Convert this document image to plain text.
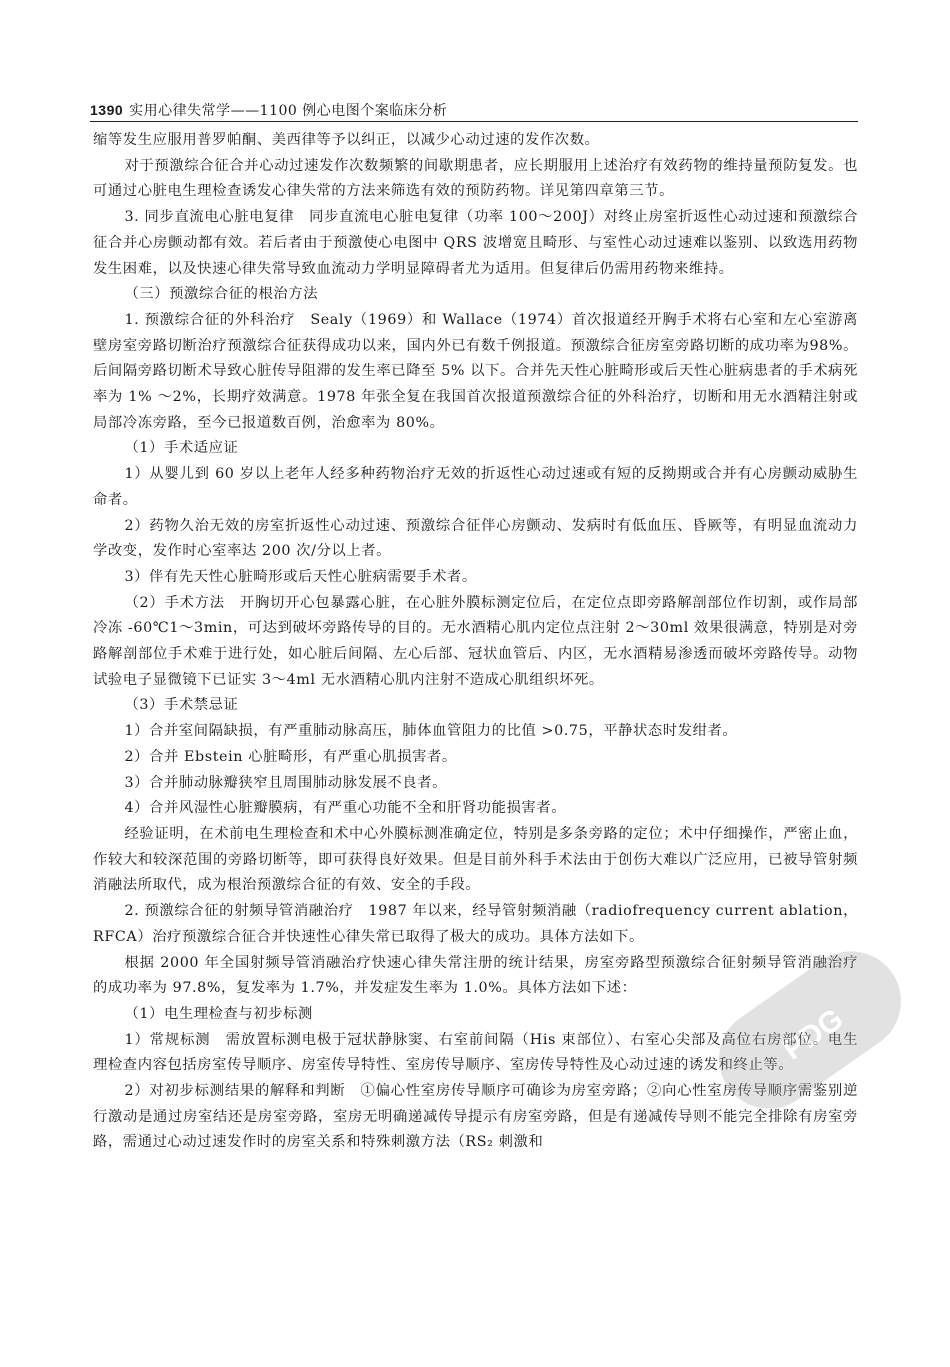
1390 实用心律失常学——1100 例心电图个案临床分析

缩等发生应服用普罗帕酮、美西律等予以纠正，以减少心动过速的发作次数。

对于预激综合征合并心动过速发作次数频繁的间歇期患者，应长期服用上述治疗有效药物的维持量预防复发。也可通过心脏电生理检查诱发心律失常的方法来筛选有效的预防药物。详见第四章第三节。

3. 同步直流电心脏电复律　同步直流电心脏电复律（功率 100～200J）对终止房室折返性心动过速和预激综合征合并心房颤动都有效。若后者由于预激使心电图中 QRS 波增宽且畸形、与室性心动过速难以鉴别、以致选用药物发生困难，以及快速心律失常导致血流动力学明显障碍者尤为适用。但复律后仍需用药物来维持。

（三）预激综合征的根治方法

1. 预激综合征的外科治疗　Sealy（1969）和 Wallace（1974）首次报道经开胸手术将右心室和左心室游离壁房室旁路切断治疗预激综合征获得成功以来，国内外已有数千例报道。预激综合征房室旁路切断的成功率为98%。后间隔旁路切断术导致心脏传导阻滞的发生率已降至 5% 以下。合并先天性心脏畸形或后天性心脏病患者的手术病死率为 1% ～2%，长期疗效满意。1978 年张全复在我国首次报道预激综合征的外科治疗，切断和用无水酒精注射或局部冷冻旁路，至今已报道数百例，治愈率为 80%。

（1）手术适应证

1）从婴儿到 60 岁以上老年人经多种药物治疗无效的折返性心动过速或有短的反拗期或合并有心房颤动威胁生命者。

2）药物久治无效的房室折返性心动过速、预激综合征伴心房颤动、发病时有低血压、昏厥等，有明显血流动力学改变，发作时心室率达 200 次/分以上者。

3）伴有先天性心脏畸形或后天性心脏病需要手术者。

（2）手术方法　开胸切开心包暴露心脏，在心脏外膜标测定位后，在定位点即旁路解剖部位作切割，或作局部冷冻 -60℃1～3min，可达到破坏旁路传导的目的。无水酒精心肌内定位点注射 2～30ml 效果很满意，特别是对旁路解剖部位手术难于进行处，如心脏后间隔、左心后部、冠状血管后、内区，无水酒精易渗透而破坏旁路传导。动物试验电子显微镜下已证实 3～4ml 无水酒精心肌内注射不造成心肌组织坏死。

（3）手术禁忌证

1）合并室间隔缺损，有严重肺动脉高压，肺体血管阻力的比值 >0.75，平静状态时发绀者。

2）合并 Ebstein 心脏畸形，有严重心肌损害者。

3）合并肺动脉瓣狭窄且周围肺动脉发展不良者。

4）合并风湿性心脏瓣膜病，有严重心功能不全和肝肾功能损害者。

经验证明，在术前电生理检查和术中心外膜标测准确定位，特别是多条旁路的定位；术中仔细操作，严密止血，作较大和较深范围的旁路切断等，即可获得良好效果。但是目前外科手术法由于创伤大难以广泛应用，已被导管射频消融法所取代，成为根治预激综合征的有效、安全的手段。

2. 预激综合征的射频导管消融治疗　1987 年以来，经导管射频消融（radiofrequency current ablation，RFCA）治疗预激综合征合并快速性心律失常已取得了极大的成功。具体方法如下。

根据 2000 年全国射频导管消融治疗快速心律失常注册的统计结果，房室旁路型预激综合征射频导管消融治疗的成功率为 97.8%，复发率为 1.7%，并发症发生率为 1.0%。具体方法如下述：

（1）电生理检查与初步标测

1）常规标测　需放置标测电极于冠状静脉窦、右室前间隔（His 束部位）、右室心尖部及高位右房部位。电生理检查内容包括房室传导顺序、房室传导特性、室房传导顺序、室房传导特性及心动过速的诱发和终止等。

2）对初步标测结果的解释和判断　①偏心性室房传导顺序可确诊为房室旁路；②向心性室房传导顺序需鉴别逆行激动是通过房室结还是房室旁路，室房无明确递减传导提示有房室旁路，但是有递减传导则不能完全排除有房室旁路，需通过心动过速发作时的房室关系和特殊刺激方法（RS₂ 刺激和

PDG
